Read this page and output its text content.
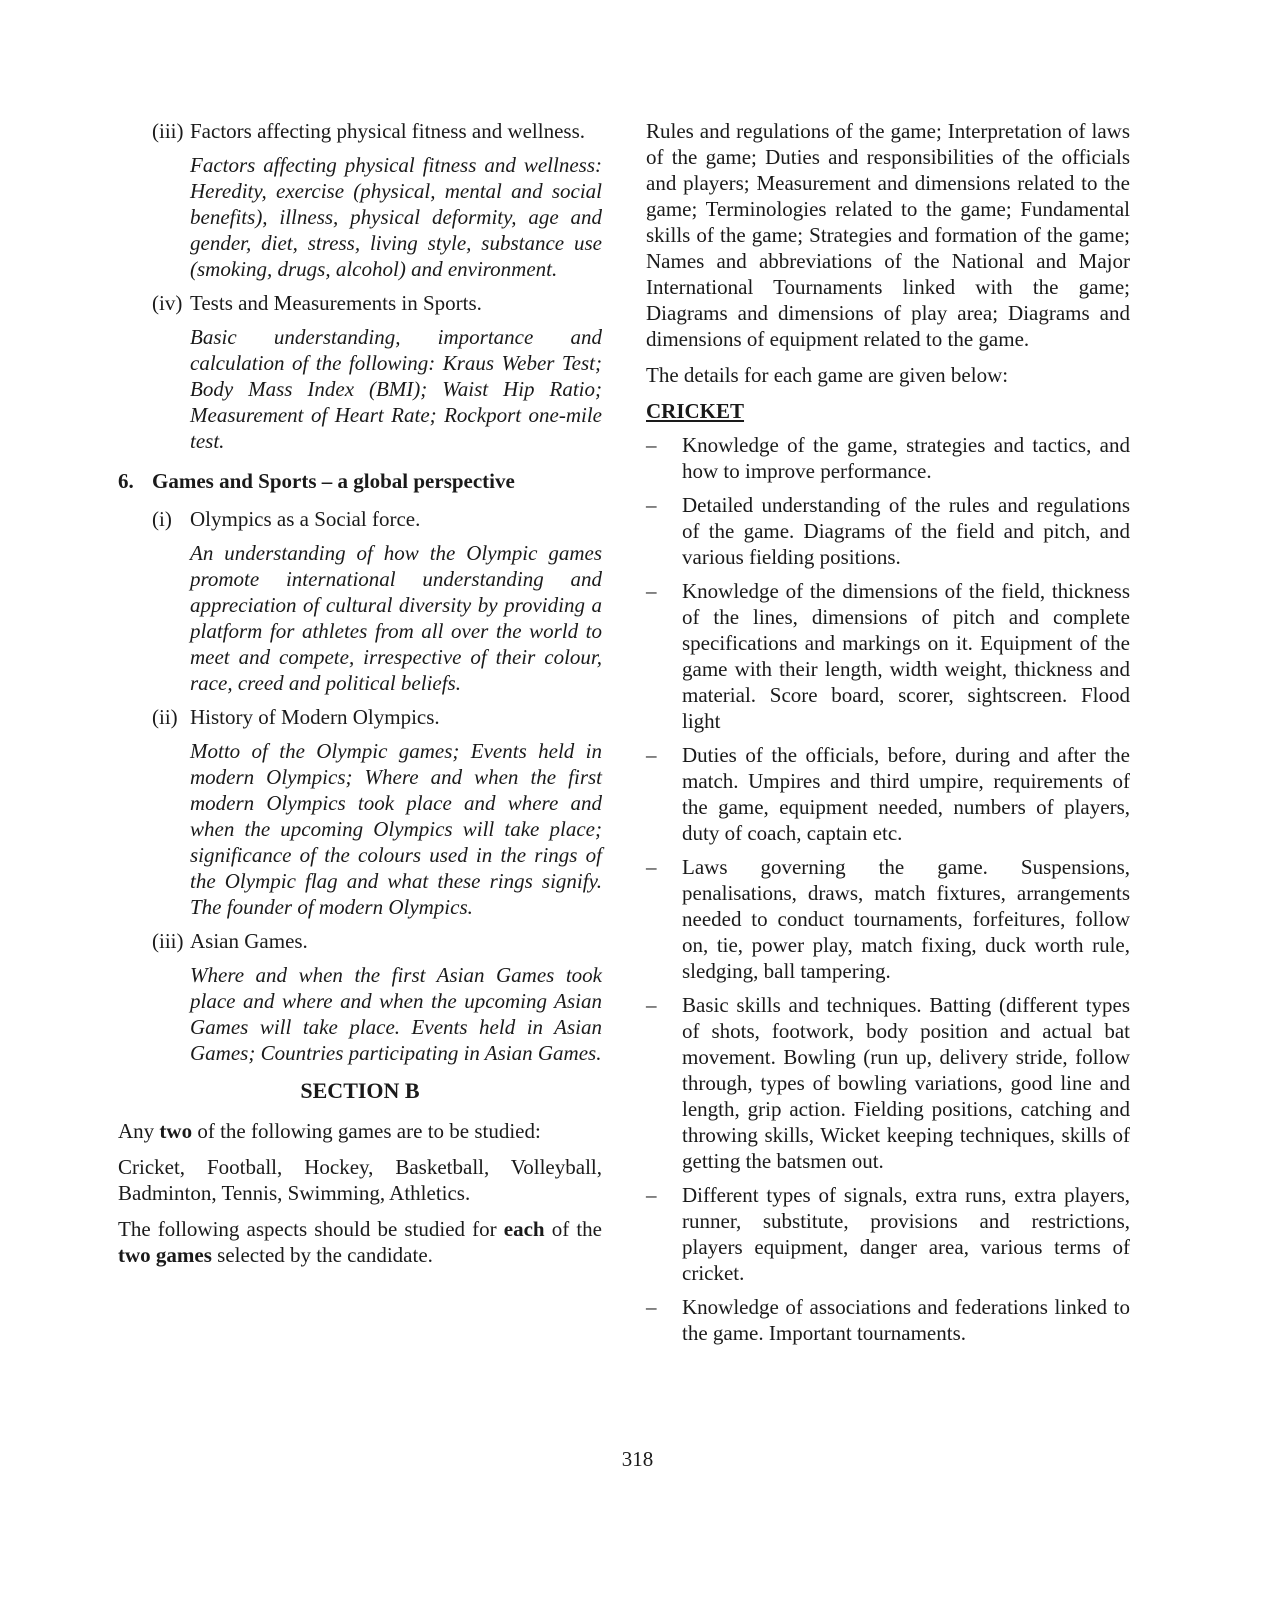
(iii) Factors affecting physical fitness and wellness.
Factors affecting physical fitness and wellness: Heredity, exercise (physical, mental and social benefits), illness, physical deformity, age and gender, diet, stress, living style, substance use (smoking, drugs, alcohol) and environment.
(iv) Tests and Measurements in Sports.
Basic understanding, importance and calculation of the following: Kraus Weber Test; Body Mass Index (BMI); Waist Hip Ratio; Measurement of Heart Rate; Rockport one-mile test.
6. Games and Sports – a global perspective
(i) Olympics as a Social force.
An understanding of how the Olympic games promote international understanding and appreciation of cultural diversity by providing a platform for athletes from all over the world to meet and compete, irrespective of their colour, race, creed and political beliefs.
(ii) History of Modern Olympics.
Motto of the Olympic games; Events held in modern Olympics; Where and when the first modern Olympics took place and where and when the upcoming Olympics will take place; significance of the colours used in the rings of the Olympic flag and what these rings signify. The founder of modern Olympics.
(iii) Asian Games.
Where and when the first Asian Games took place and where and when the upcoming Asian Games will take place. Events held in Asian Games; Countries participating in Asian Games.
SECTION B

Any two of the following games are to be studied:

Cricket, Football, Hockey, Basketball, Volleyball, Badminton, Tennis, Swimming, Athletics.

The following aspects should be studied for each of the two games selected by the candidate.

Rules and regulations of the game; Interpretation of laws of the game; Duties and responsibilities of the officials and players; Measurement and dimensions related to the game; Terminologies related to the game; Fundamental skills of the game; Strategies and formation of the game; Names and abbreviations of the National and Major International Tournaments linked with the game; Diagrams and dimensions of play area; Diagrams and dimensions of equipment related to the game.

The details for each game are given below:

CRICKET
– Knowledge of the game, strategies and tactics, and how to improve performance.
– Detailed understanding of the rules and regulations of the game. Diagrams of the field and pitch, and various fielding positions.
– Knowledge of the dimensions of the field, thickness of the lines, dimensions of pitch and complete specifications and markings on it. Equipment of the game with their length, width weight, thickness and material. Score board, scorer, sightscreen. Flood light
– Duties of the officials, before, during and after the match. Umpires and third umpire, requirements of the game, equipment needed, numbers of players, duty of coach, captain etc.
– Laws governing the game. Suspensions, penalisations, draws, match fixtures, arrangements needed to conduct tournaments, forfeitures, follow on, tie, power play, match fixing, duck worth rule, sledging, ball tampering.
– Basic skills and techniques. Batting (different types of shots, footwork, body position and actual bat movement. Bowling (run up, delivery stride, follow through, types of bowling variations, good line and length, grip action. Fielding positions, catching and throwing skills, Wicket keeping techniques, skills of getting the batsmen out.
– Different types of signals, extra runs, extra players, runner, substitute, provisions and restrictions, players equipment, danger area, various terms of cricket.
– Knowledge of associations and federations linked to the game. Important tournaments.
318
